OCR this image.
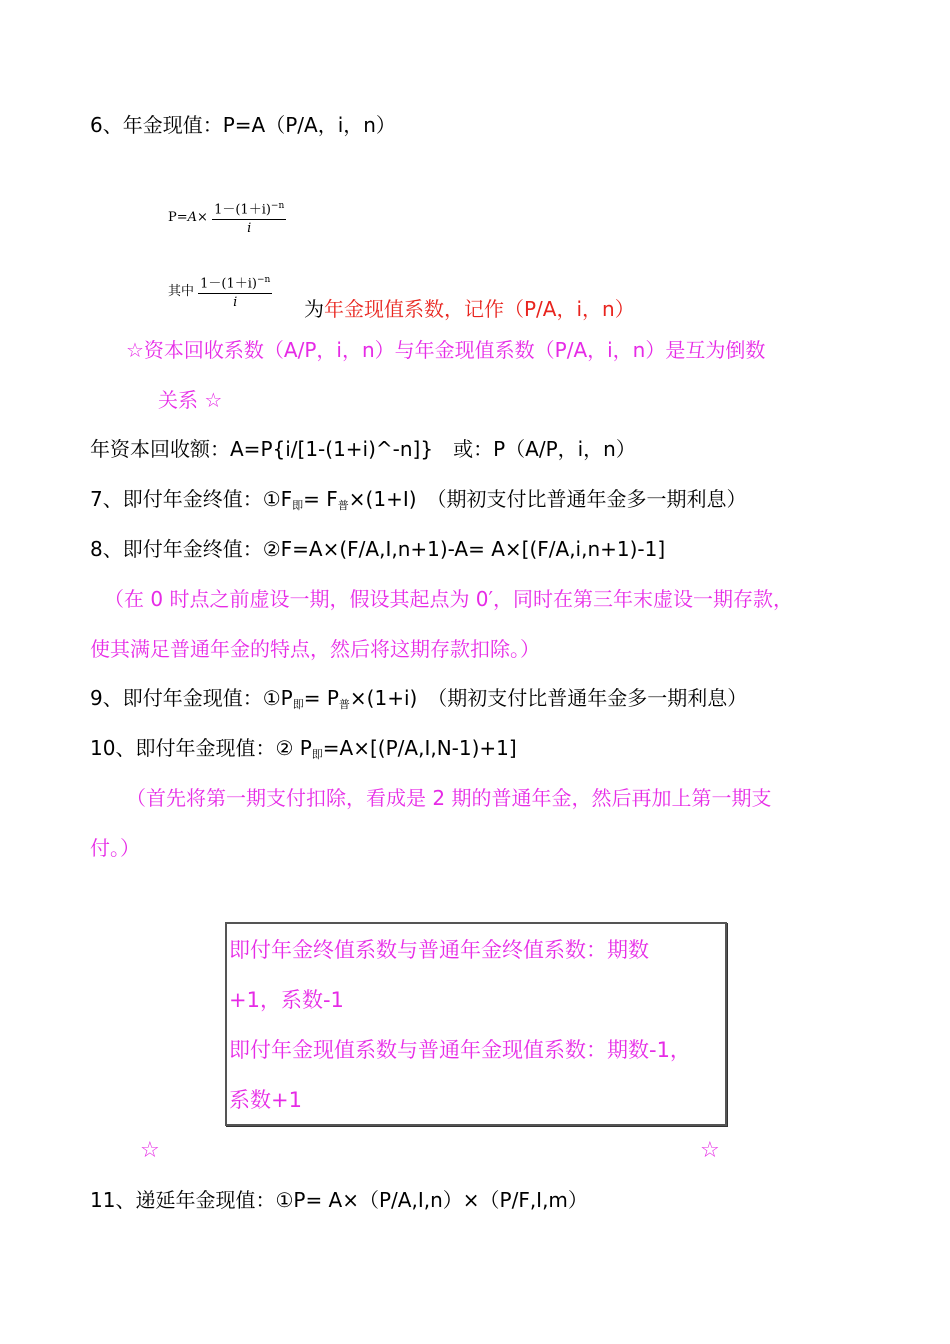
6、年金现值：P=A（P/A，i，n）
$P=A\times \frac{1-(1+i)^{-n}}{i}$
其中 $\frac{1-(1+i)^{-n}}{i}$ 为年金现值系数，记作（P/A，i，n）
☆资本回收系数（A/P，i，n）与年金现值系数（P/A，i，n）是互为倒数
关系 ☆
年资本回收额：A=P{i/[1-(1+i)^-n]}　或：P（A/P，i，n）
7、即付年金终值：$①F_即= F_普\times(1+I)$　（期初支付比普通年金多一期利息）
8、即付年金终值：②F=A×(F/A,I,n+1)-A= A×[(F/A,i,n+1)-1]
（在 0 时点之前虚设一期，假设其起点为 0′，同时在第三年末虚设一期存款，
使其满足普通年金的特点，然后将这期存款扣除。）
9、即付年金现值：$①P_即= P_普\times(1+i)$　（期初支付比普通年金多一期利息）
10、即付年金现值：② $P_即=A\times[(P/A,I,N-1)+1]$
（首先将第一期支付扣除，看成是 2 期的普通年金，然后再加上第一期支
付。）
即付年金终值系数与普通年金终值系数：期数
+1，系数-1
即付年金现值系数与普通年金现值系数：期数-1，
系数+1
☆	☆
11、递延年金现值：①P= A×（P/A,I,n）×（P/F,I,m）
